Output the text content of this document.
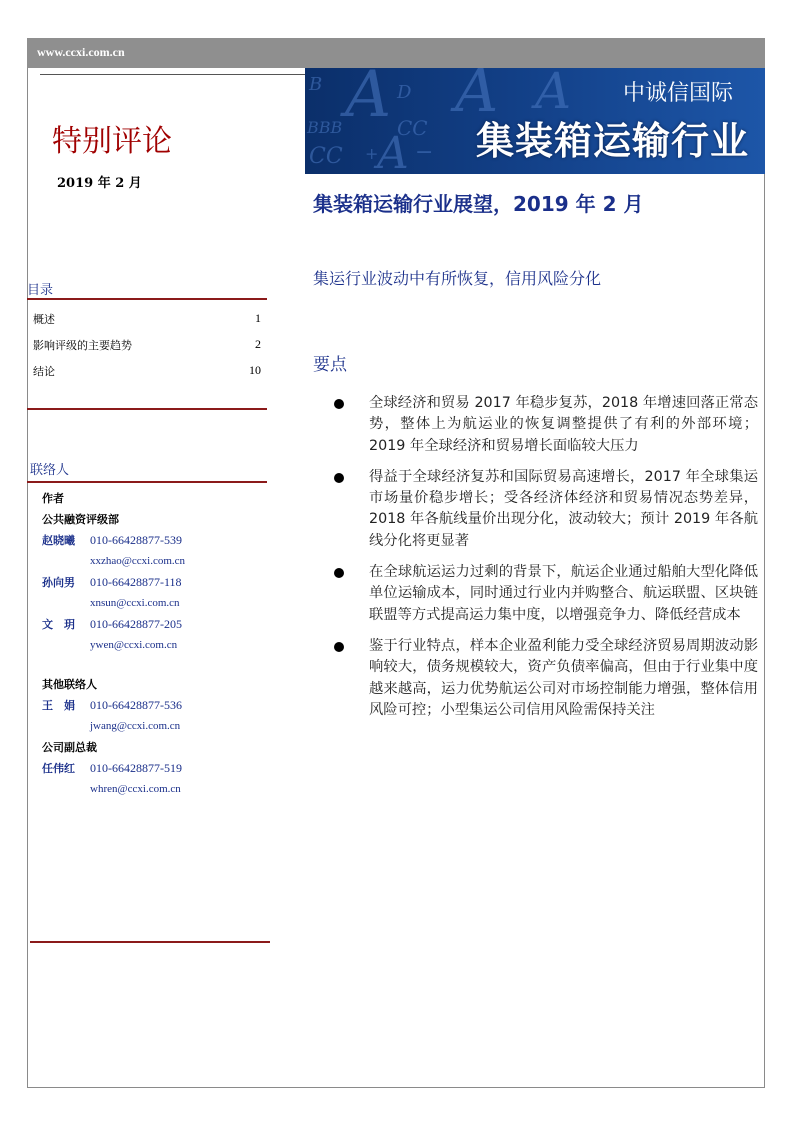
www.ccxi.com.cn
B A A A
D
BBB	CC
CC A
+ −
中诚信国际
集装箱运输行业
特别评论
2019 年 2 月
集装箱运输行业展望，2019 年 2 月
集运行业波动中有所恢复，信用风险分化
要点
目录
概述	1
影响评级的主要趋势	2
结论	10
联络人
作者
公共融资评级部
赵晓曦	010-66428877-539
xxzhao@ccxi.com.cn
孙向男	010-66428877-118
xnsun@ccxi.com.cn
文　玥	010-66428877-205
ywen@ccxi.com.cn
其他联络人
王　娟	010-66428877-536
jwang@ccxi.com.cn
公司副总裁
任伟红	010-66428877-519
whren@ccxi.com.cn
全球经济和贸易 2017 年稳步复苏，2018 年增速回落正常态势，整体上为航运业的恢复调整提供了有利的外部环境；2019 年全球经济和贸易增长面临较大压力
得益于全球经济复苏和国际贸易高速增长，2017 年全球集运市场量价稳步增长；受各经济体经济和贸易情况态势差异，2018 年各航线量价出现分化，波动较大；预计 2019 年各航线分化将更显著
在全球航运运力过剩的背景下，航运企业通过船舶大型化降低单位运输成本，同时通过行业内并购整合、航运联盟、区块链联盟等方式提高运力集中度，以增强竞争力、降低经营成本
鉴于行业特点，样本企业盈利能力受全球经济贸易周期波动影响较大，债务规模较大，资产负债率偏高，但由于行业集中度越来越高，运力优势航运公司对市场控制能力增强，整体信用风险可控；小型集运公司信用风险需保持关注
